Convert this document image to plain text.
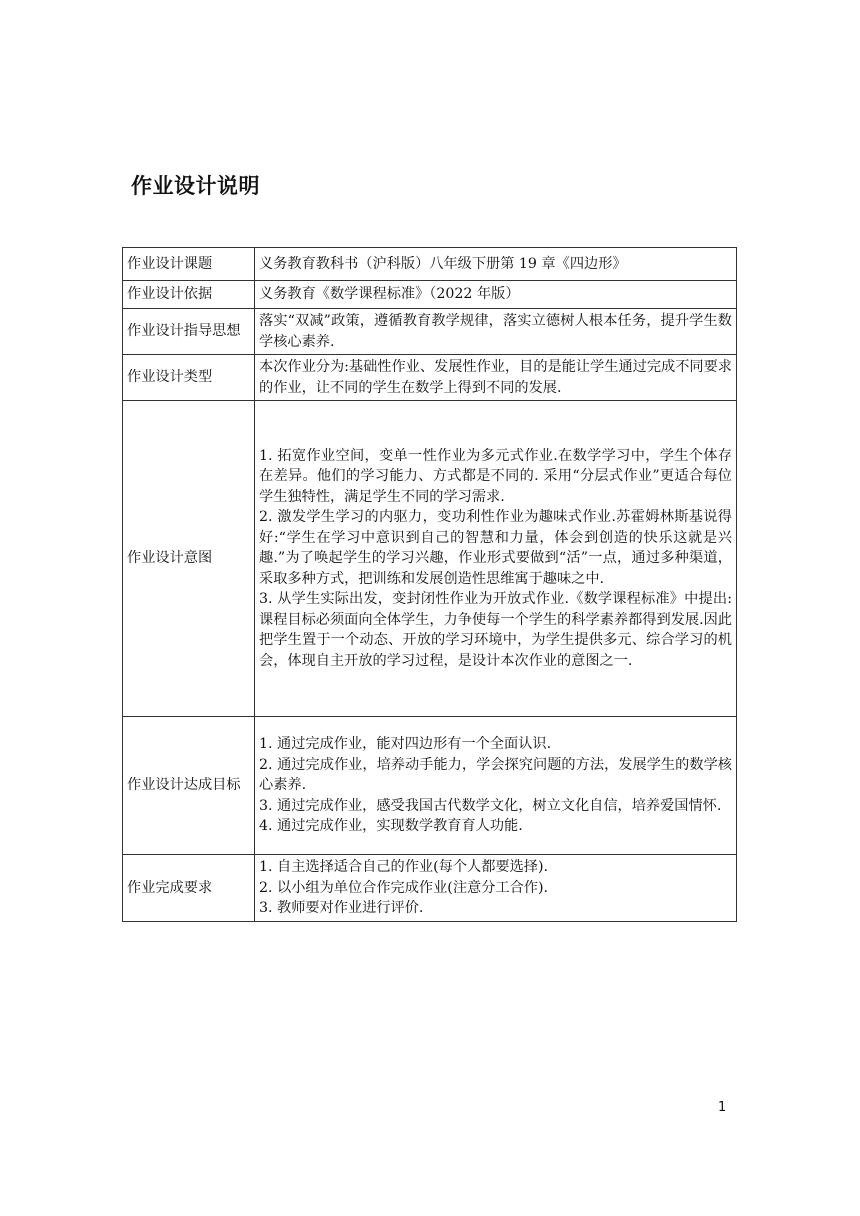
作业设计说明
作业设计课题	义务教育教科书（沪科版）八年级下册第 19 章《四边形》
作业设计依据	义务教育《数学课程标准》（2022 年版）
作业设计指导思想	落实“双减”政策，遵循教育教学规律，落实立德树人根本任务，提升学生数学核心素养.
作业设计类型	本次作业分为:基础性作业、发展性作业，目的是能让学生通过完成不同要求的作业，让不同的学生在数学上得到不同的发展.
作业设计意图	1. 拓宽作业空间，变单一性作业为多元式作业.在数学学习中，学生个体存在差异。他们的学习能力、方式都是不同的. 采用“分层式作业”更适合每位学生独特性，满足学生不同的学习需求.

2. 激发学生学习的内驱力，变功利性作业为趣味式作业.苏霍姆林斯基说得好:“学生在学习中意识到自己的智慧和力量，体会到创造的快乐这就是兴趣.”为了唤起学生的学习兴趣，作业形式要做到“活”一点，通过多种渠道，采取多种方式，把训练和发展创造性思维寓于趣味之中.

3. 从学生实际出发，变封闭性作业为开放式作业.《数学课程标准》中提出:课程目标必须面向全体学生，力争使每一个学生的科学素养都得到发展.因此把学生置于一个动态、开放的学习环境中，为学生提供多元、综合学习的机会，体现自主开放的学习过程，是设计本次作业的意图之一.

作业设计达成目标	1. 通过完成作业，能对四边形有一个全面认识.

2. 通过完成作业，培养动手能力，学会探究问题的方法，发展学生的数学核心素养.

3. 通过完成作业，感受我国古代数学文化，树立文化自信，培养爱国情怀.

4. 通过完成作业，实现数学教育育人功能.

作业完成要求	1. 自主选择适合自己的作业(每个人都要选择).

2. 以小组为单位合作完成作业(注意分工合作).

3. 教师要对作业进行评价.

1
